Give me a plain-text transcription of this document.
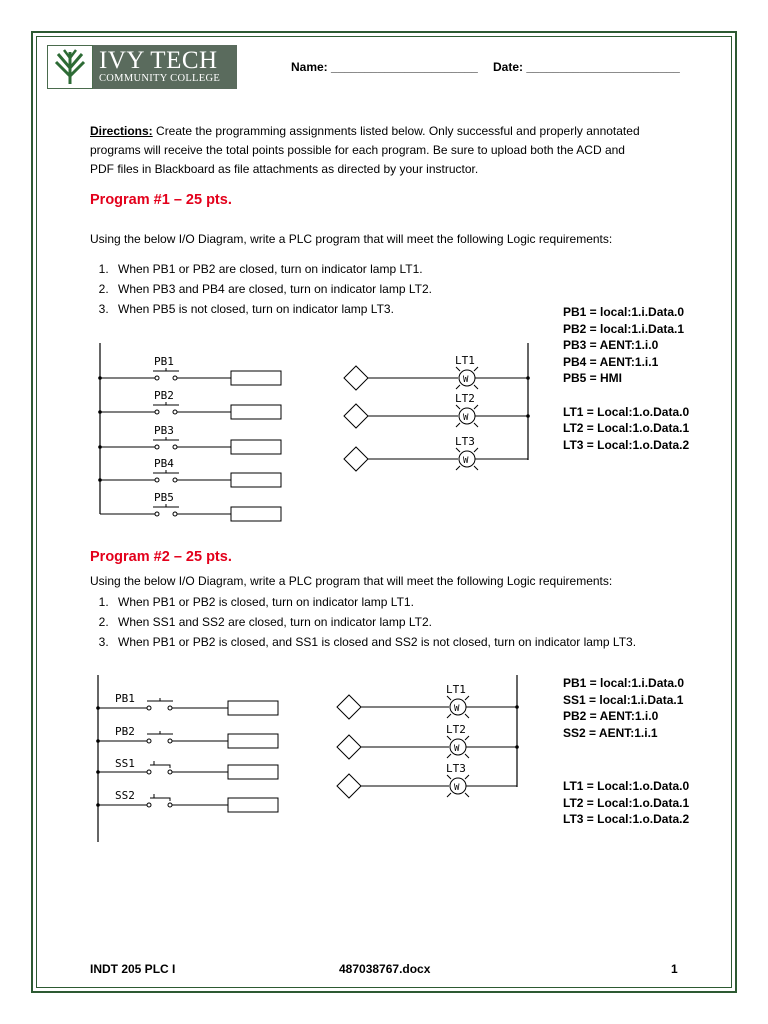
IVY TECH
COMMUNITY COLLEGE
Name: ______________________ Date: _______________________
Directions: Create the programming assignments listed below. Only successful and properly annotated
programs will receive the total points possible for each program. Be sure to upload both the ACD and
PDF files in Blackboard as file attachments as directed by your instructor.
Program #1 – 25 pts.
Using the below I/O Diagram, write a PLC program that will meet the following Logic requirements:
1. When PB1 or PB2 are closed, turn on indicator lamp LT1.
2. When PB3 and PB4 are closed, turn on indicator lamp LT2.
3. When PB5 is not closed, turn on indicator lamp LT3.	PB1 = local:1.i.Data.0
PB2 = local:1.i.Data.1
PB3 = AENT:1.i.0
PB4 = AENT:1.i.1
PB5 = HMI
LT1 = Local:1.o.Data.0
LT2 = Local:1.o.Data.1
LT3 = Local:1.o.Data.2
PB1
PB2
PB3
PB4
PB5
W
LT1
W
LT2
W
LT3
Program #2 – 25 pts.
Using the below I/O Diagram, write a PLC program that will meet the following Logic requirements:
1. When PB1 or PB2 is closed, turn on indicator lamp LT1.
2. When SS1 and SS2 are closed, turn on indicator lamp LT2.
3. When PB1 or PB2 is closed, and SS1 is closed and SS2 is not closed, turn on indicator lamp LT3.
PB1 = local:1.i.Data.0
SS1 = local:1.i.Data.1
PB2 = AENT:1.i.0
SS2 = AENT:1.i.1
LT1 = Local:1.o.Data.0
LT2 = Local:1.o.Data.1
LT3 = Local:1.o.Data.2
PB1
PB2
SS1
SS2
W
LT1
W
LT2
W
LT3
INDT 205 PLC I	487038767.docx	1
